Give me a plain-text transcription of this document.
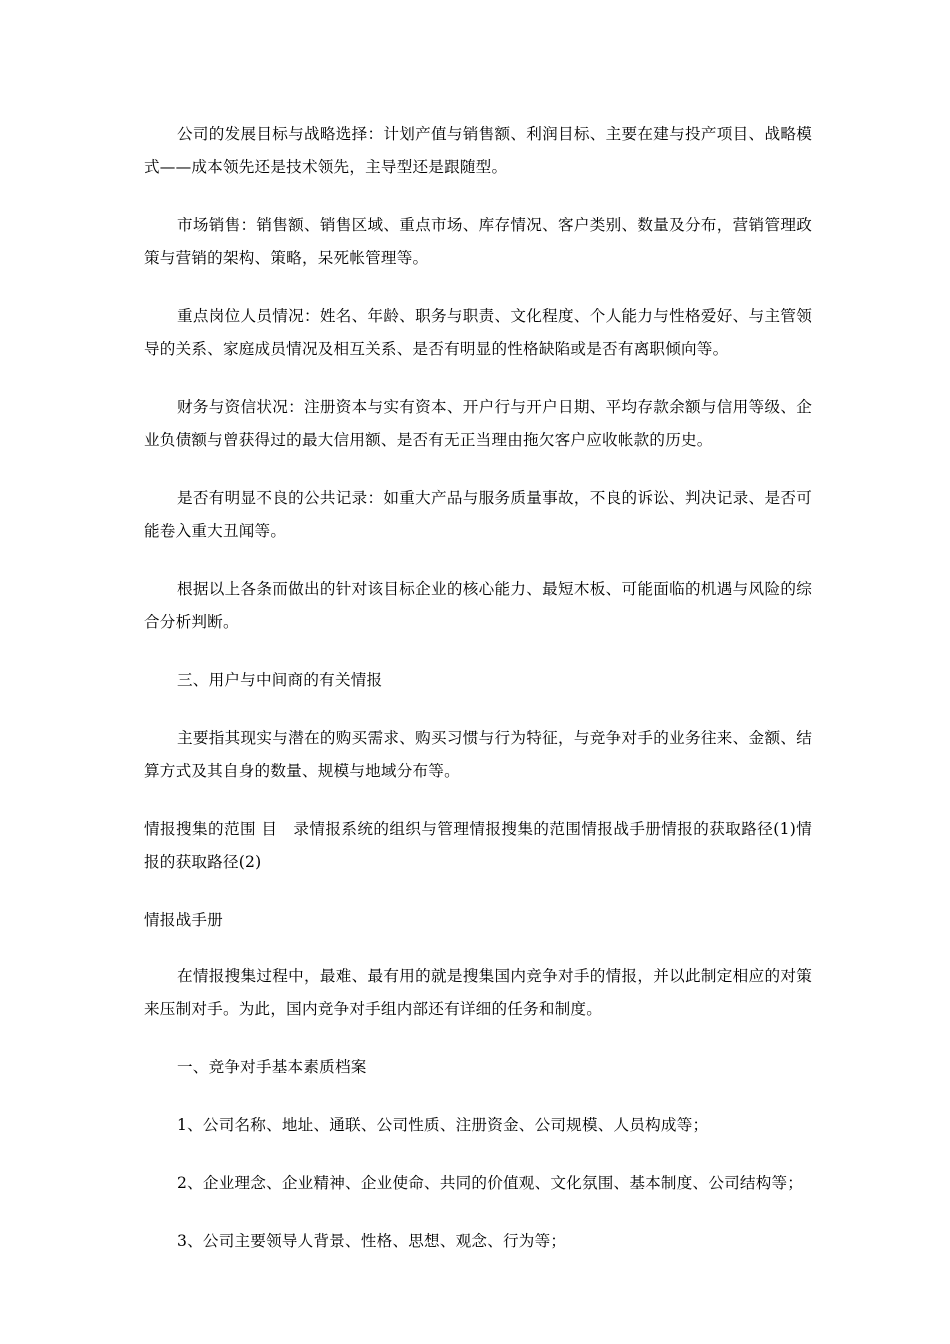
公司的发展目标与战略选择：计划产值与销售额、利润目标、主要在建与投产项目、战略模式——成本领先还是技术领先，主导型还是跟随型。

市场销售：销售额、销售区域、重点市场、库存情况、客户类别、数量及分布，营销管理政策与营销的架构、策略，呆死帐管理等。

重点岗位人员情况：姓名、年龄、职务与职责、文化程度、个人能力与性格爱好、与主管领导的关系、家庭成员情况及相互关系、是否有明显的性格缺陷或是否有离职倾向等。

财务与资信状况：注册资本与实有资本、开户行与开户日期、平均存款余额与信用等级、企业负债额与曾获得过的最大信用额、是否有无正当理由拖欠客户应收帐款的历史。

是否有明显不良的公共记录：如重大产品与服务质量事故，不良的诉讼、判决记录、是否可能卷入重大丑闻等。

根据以上各条而做出的针对该目标企业的核心能力、最短木板、可能面临的机遇与风险的综合分析判断。

三、用户与中间商的有关情报

主要指其现实与潜在的购买需求、购买习惯与行为特征，与竞争对手的业务往来、金额、结算方式及其自身的数量、规模与地域分布等。

情报搜集的范围 目　录情报系统的组织与管理情报搜集的范围情报战手册情报的获取路径(1)情报的获取路径(2)

情报战手册

在情报搜集过程中，最难、最有用的就是搜集国内竞争对手的情报，并以此制定相应的对策来压制对手。为此，国内竞争对手组内部还有详细的任务和制度。

一、竞争对手基本素质档案

1、公司名称、地址、通联、公司性质、注册资金、公司规模、人员构成等；

2、企业理念、企业精神、企业使命、共同的价值观、文化氛围、基本制度、公司结构等；

3、公司主要领导人背景、性格、思想、观念、行为等；
